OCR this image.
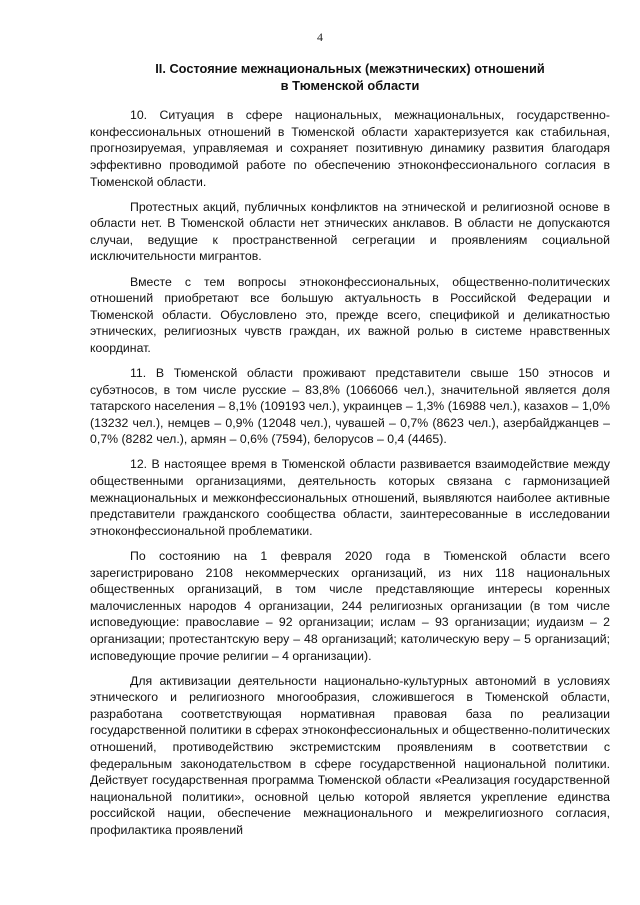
4
II. Состояние межнациональных (межэтнических) отношений
в Тюменской области

10. Ситуация в сфере национальных, межнациональных, государственно-конфессиональных отношений в Тюменской области характеризуется как стабильная, прогнозируемая, управляемая и сохраняет позитивную динамику развития благодаря эффективно проводимой работе по обеспечению этноконфессионального согласия в Тюменской области.

Протестных акций, публичных конфликтов на этнической и религиозной основе в области нет. В Тюменской области нет этнических анклавов. В области не допускаются случаи, ведущие к пространственной сегрегации и проявлениям социальной исключительности мигрантов.

Вместе с тем вопросы этноконфессиональных, общественно-политических отношений приобретают все большую актуальность в Российской Федерации и Тюменской области. Обусловлено это, прежде всего, спецификой и деликатностью этнических, религиозных чувств граждан, их важной ролью в системе нравственных координат.

11. В Тюменской области проживают представители свыше 150 этносов и субэтносов, в том числе русские – 83,8% (1066066 чел.), значительной является доля татарского населения – 8,1% (109193 чел.), украинцев – 1,3% (16988 чел.), казахов – 1,0% (13232 чел.), немцев – 0,9% (12048 чел.), чувашей – 0,7% (8623 чел.), азербайджанцев – 0,7% (8282 чел.), армян – 0,6% (7594), белорусов – 0,4 (4465).

12. В настоящее время в Тюменской области развивается взаимодействие между общественными организациями, деятельность которых связана с гармонизацией межнациональных и межконфессиональных отношений, выявляются наиболее активные представители гражданского сообщества области, заинтересованные в исследовании этноконфессиональной проблематики.

По состоянию на 1 февраля 2020 года в Тюменской области всего зарегистрировано 2108 некоммерческих организаций, из них 118 национальных общественных организаций, в том числе представляющие интересы коренных малочисленных народов 4 организации, 244 религиозных организации (в том числе исповедующие: православие – 92 организации; ислам – 93 организации; иудаизм – 2 организации; протестантскую веру – 48 организаций; католическую веру – 5 организаций; исповедующие прочие религии – 4 организации).

Для активизации деятельности национально-культурных автономий в условиях этнического и религиозного многообразия, сложившегося в Тюменской области, разработана соответствующая нормативная правовая база по реализации государственной политики в сферах этноконфессиональных и общественно-политических отношений, противодействию экстремистским проявлениям в соответствии с федеральным законодательством в сфере государственной национальной политики. Действует государственная программа Тюменской области «Реализация государственной национальной политики», основной целью которой является укрепление единства российской нации, обеспечение межнационального и межрелигиозного согласия, профилактика проявлений
